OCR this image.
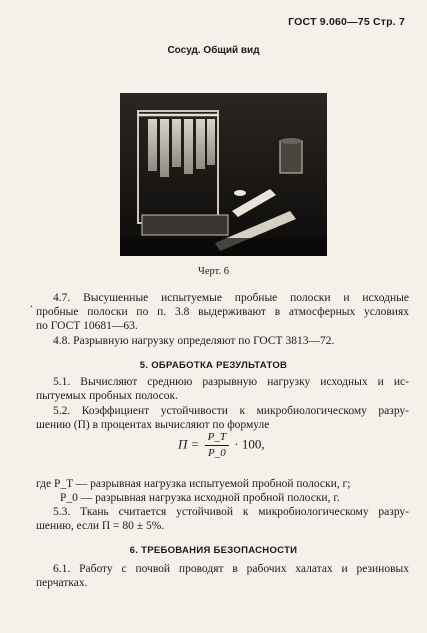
ГОСТ 9.060—75 Стр. 7
Сосуд. Общий вид
Черт. 6
.	4.7. Высушенные испытуемые пробные полоски и исходные
пробные полоски по п. 3.8 выдерживают в атмосферных условиях
по ГОСТ 10681—63.
4.8. Разрывную нагрузку определяют по ГОСТ 3813—72.
5. ОБРАБОТКА РЕЗУЛЬТАТОВ
5.1. Вычисляют среднюю разрывную нагрузку исходных и ис-
пытуемых пробных полосок.
5.2. Коэффициент устойчивости к микробиологическому разру-
шению (П) в процентах вычисляют по формуле
$П = \frac{P\_T}{P\_0} \cdot 100$,
где P_T — разрывная нагрузка испытуемой пробной полоски, г;
P_0 — разрывная нагрузка исходной пробной полоски, г.
5.3. Ткань считается устойчивой к микробиологическому разру-
шению, если П = 80 ± 5%.
6. ТРЕБОВАНИЯ БЕЗОПАСНОСТИ
6.1. Работу с почвой проводят в рабочих халатах и резиновых
перчатках.
